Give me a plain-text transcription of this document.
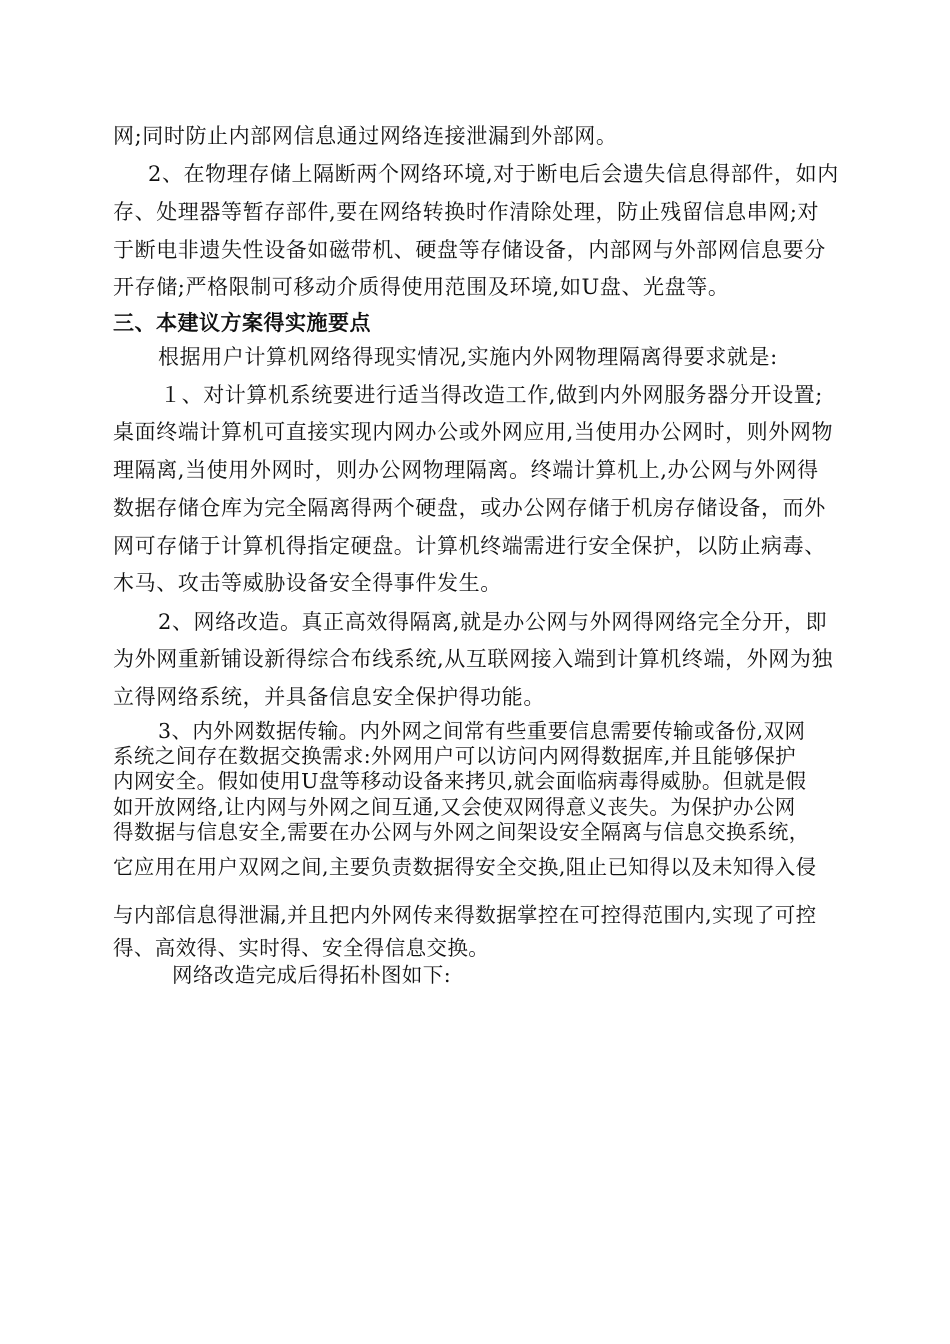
网;同时防止内部网信息通过网络连接泄漏到外部网。
2、在物理存储上隔断两个网络环境,对于断电后会遗失信息得部件，如内
存、处理器等暂存部件,要在网络转换时作清除处理，防止残留信息串网;对
于断电非遗失性设备如磁带机、硬盘等存储设备，内部网与外部网信息要分
开存储;严格限制可移动介质得使用范围及环境,如U盘、光盘等。
三、本建议方案得实施要点
根据用户计算机网络得现实情况,实施内外网物理隔离得要求就是:
１、对计算机系统要进行适当得改造工作,做到内外网服务器分开设置;
桌面终端计算机可直接实现内网办公或外网应用,当使用办公网时，则外网物
理隔离,当使用外网时，则办公网物理隔离。终端计算机上,办公网与外网得
数据存储仓库为完全隔离得两个硬盘，或办公网存储于机房存储设备，而外
网可存储于计算机得指定硬盘。计算机终端需进行安全保护，以防止病毒、
木马、攻击等威胁设备安全得事件发生。
2、网络改造。真正高效得隔离,就是办公网与外网得网络完全分开，即
为外网重新铺设新得综合布线系统,从互联网接入端到计算机终端，外网为独
立得网络系统，并具备信息安全保护得功能。
3、内外网数据传输。内外网之间常有些重要信息需要传输或备份,双网
系统之间存在数据交换需求:外网用户可以访问内网得数据库,并且能够保护
内网安全。假如使用U盘等移动设备来拷贝,就会面临病毒得威胁。但就是假
如开放网络,让内网与外网之间互通,又会使双网得意义丧失。为保护办公网
得数据与信息安全,需要在办公网与外网之间架设安全隔离与信息交换系统，
它应用在用户双网之间,主要负责数据得安全交换,阻止已知得以及未知得入侵
与内部信息得泄漏,并且把内外网传来得数据掌控在可控得范围内,实现了可控
得、高效得、实时得、安全得信息交换。
网络改造完成后得拓朴图如下:
